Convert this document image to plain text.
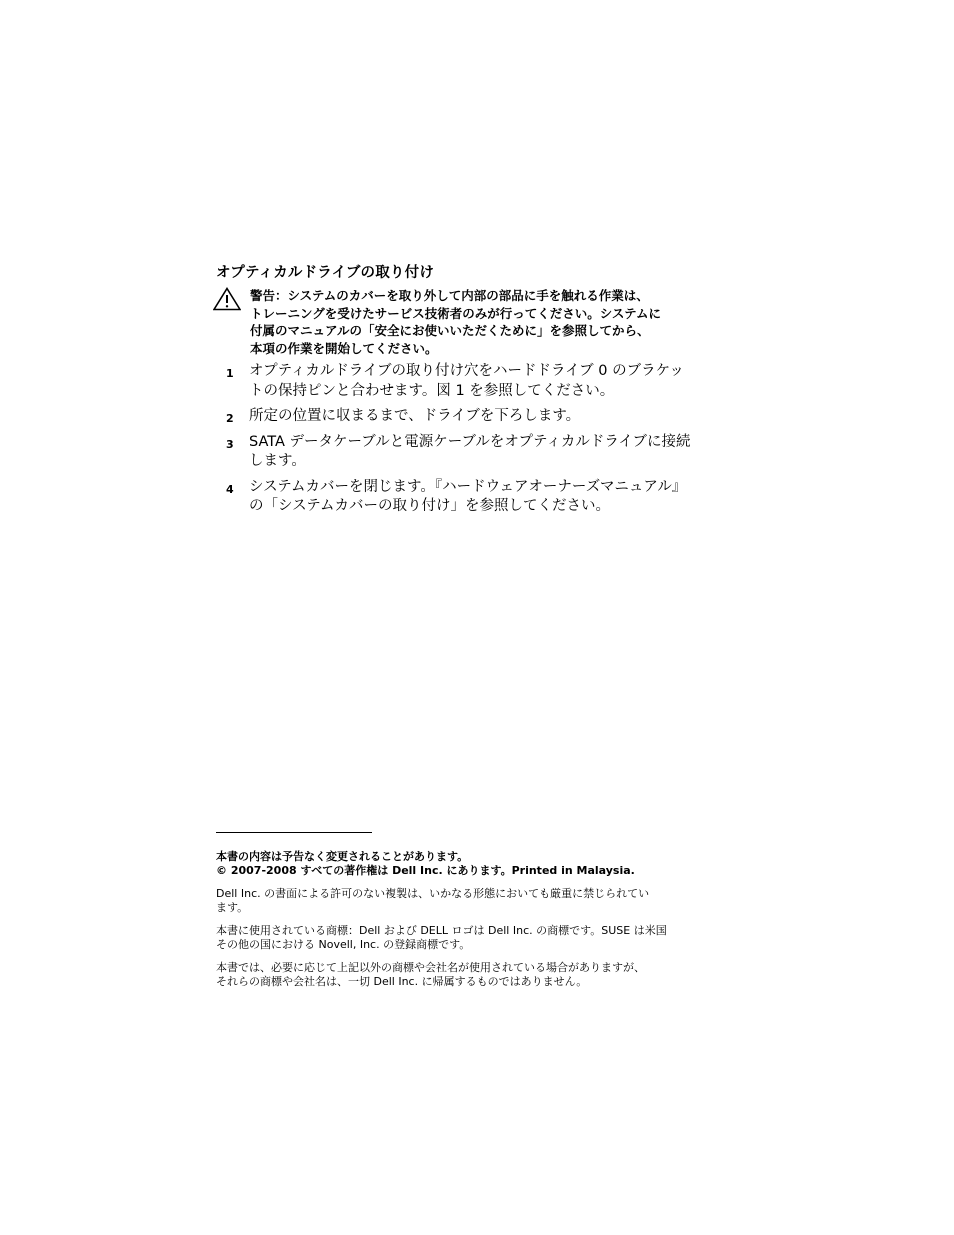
オプティカルドライブの取り付け
警告：システムのカバーを取り外して内部の部品に手を触れる作業は、
トレーニングを受けたサービス技術者のみが行ってください。システムに
付属のマニュアルの「安全にお使いいただくために」を参照してから、
本項の作業を開始してください。
1 オプティカルドライブの取り付け穴をハードドライブ 0 のブラケッ
トの保持ピンと合わせます。図 1 を参照してください。
2 所定の位置に収まるまで、ドライブを下ろします。
3 SATA データケーブルと電源ケーブルをオプティカルドライブに接続
します。
4 システムカバーを閉じます。『ハードウェアオーナーズマニュアル』
の「システムカバーの取り付け」を参照してください。
本書の内容は予告なく変更されることがあります。
© 2007-2008 すべての著作権は Dell Inc. にあります。Printed in Malaysia.
Dell Inc. の書面による許可のない複製は、いかなる形態においても厳重に禁じられてい
ます。
本書に使用されている商標：Dell および DELL ロゴは Dell Inc. の商標です。SUSE は米国
その他の国における Novell, Inc. の登録商標です。
本書では、必要に応じて上記以外の商標や会社名が使用されている場合がありますが、
それらの商標や会社名は、一切 Dell Inc. に帰属するものではありません。
